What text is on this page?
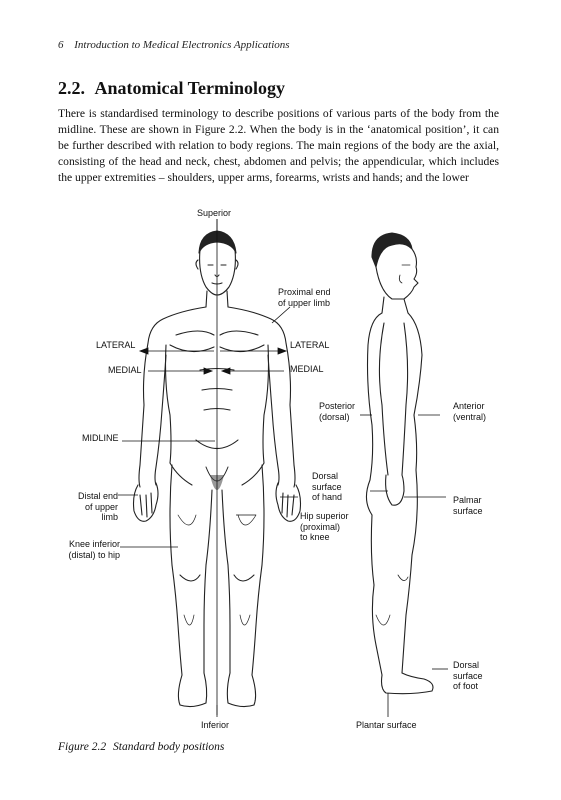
6 Introduction to Medical Electronics Applications
2.2. Anatomical Terminology

There is standardised terminology to describe positions of various parts of the body from the midline. These are shown in Figure 2.2. When the body is in the ‘anatomical position’, it can be further described with relation to body regions. The main regions of the body are the axial, consisting of the head and neck, chest, abdomen and pelvis; the appendicular, which includes the upper extremities – shoulders, upper arms, forearms, wrists and hands; and the lower

Superior
Proximal end
of upper limb
LATERAL	LATERAL
MEDIAL	MEDIAL
Posterior
(dorsal)
Anterior
(ventral)
MIDLINE
Dorsal
surface
of hand	Palmar
surface
Distal end
of upper
limb	Hip superior
(proximal)
to knee
Knee inferior
(distal) to hip
Dorsal
surface
of foot
Inferior	Plantar surface

Figure 2.2 Standard body positions
